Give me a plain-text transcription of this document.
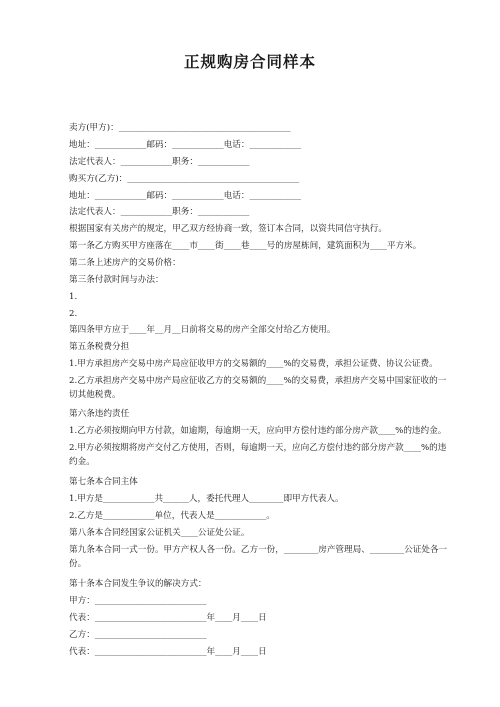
正规购房合同样本
卖方(甲方)：________________________________________
地址：____________邮码：____________电话：____________
法定代表人：____________职务：____________
购买方(乙方)：________________________________________
地址：____________邮码：____________电话：____________
法定代表人：____________职务：____________
根据国家有关房产的规定，甲乙双方经协商一致，签订本合同，以资共同信守执行。
第一条乙方购买甲方座落在____市____街____巷____号的房屋栋间，建筑面积为____平方米。
第二条上述房产的交易价格：
第三条付款时间与办法：
1.
2.
第四条甲方应于____年__月__日前将交易的房产全部交付给乙方使用。
第五条税费分担
1.甲方承担房产交易中房产局应征收甲方的交易额的____%的交易费，承担公证费、协议公证费。
2.乙方承担房产交易中房产局应征收乙方的交易额的____%的交易费，承担房产交易中国家征收的一切其他税费。
第六条违约责任
1.乙方必须按期向甲方付款，如逾期，每逾期一天，应向甲方偿付违约部分房产款____%的违约金。
2.甲方必须按期将房产交付乙方使用，否则，每逾期一天，应向乙方偿付违约部分房产款____%的违约金。
第七条本合同主体
1.甲方是____________共______人，委托代理人________即甲方代表人。
2.乙方是____________单位，代表人是____________。
第八条本合同经国家公证机关____公证处公证。
第九条本合同一式一份。甲方产权人各一份。乙方一份，________房产管理局、________公证处各一份。
第十条本合同发生争议的解决方式：
甲方：__________________________
代表：__________________________年____月____日
乙方：__________________________
代表：__________________________年____月____日
